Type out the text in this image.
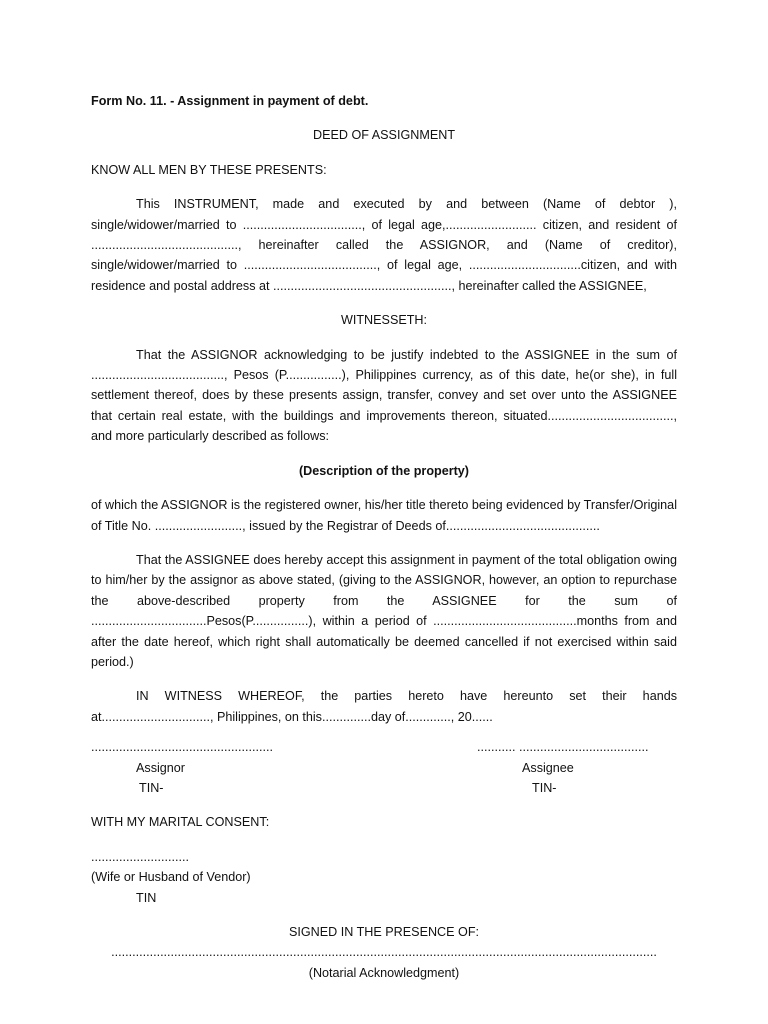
Form No. 11. - Assignment in payment of debt.

DEED OF ASSIGNMENT

KNOW ALL MEN BY THESE PRESENTS:

This INSTRUMENT, made and executed by and between (Name of debtor ), single/widower/married to .................................., of legal age,.......................... citizen, and resident of .........................................., hereinafter called the ASSIGNOR, and (Name of creditor), single/widower/married to ......................................, of legal age, ................................citizen, and with residence and postal address at ..................................................., hereinafter called the ASSIGNEE,

WITNESSETH:

That the ASSIGNOR acknowledging to be justify indebted to the ASSIGNEE in the sum of ......................................, Pesos (P................), Philippines currency, as of this date, he(or she), in full settlement thereof, does by these presents assign, transfer, convey and set over unto the ASSIGNEE that certain real estate, with the buildings and improvements thereon, situated...................................., and more particularly described as follows:

(Description of the property)

of which the ASSIGNOR is the registered owner, his/her title thereto being evidenced by Transfer/Original of Title No. ........................., issued by the Registrar of Deeds of............................................

That the ASSIGNEE does hereby accept this assignment in payment of the total obligation owing to him/her by the assignor as above stated, (giving to the ASSIGNOR, however, an option to repurchase the above-described property from the ASSIGNEE for the sum of .................................Pesos(P................), within a period of .........................................months from and after the date hereof, which right shall automatically be deemed cancelled if not exercised within said period.)

IN WITNESS WHEREOF, the parties hereto have hereunto set their hands at..............................., Philippines, on this..............day of............., 20......

....................................................
Assignor
TIN-
........... .....................................
Assignee
TIN-

WITH MY MARITAL CONSENT:

............................

(Wife or Husband of Vendor)

TIN

SIGNED IN THE PRESENCE OF:

............................................................................................................................................................

(Notarial Acknowledgment)
